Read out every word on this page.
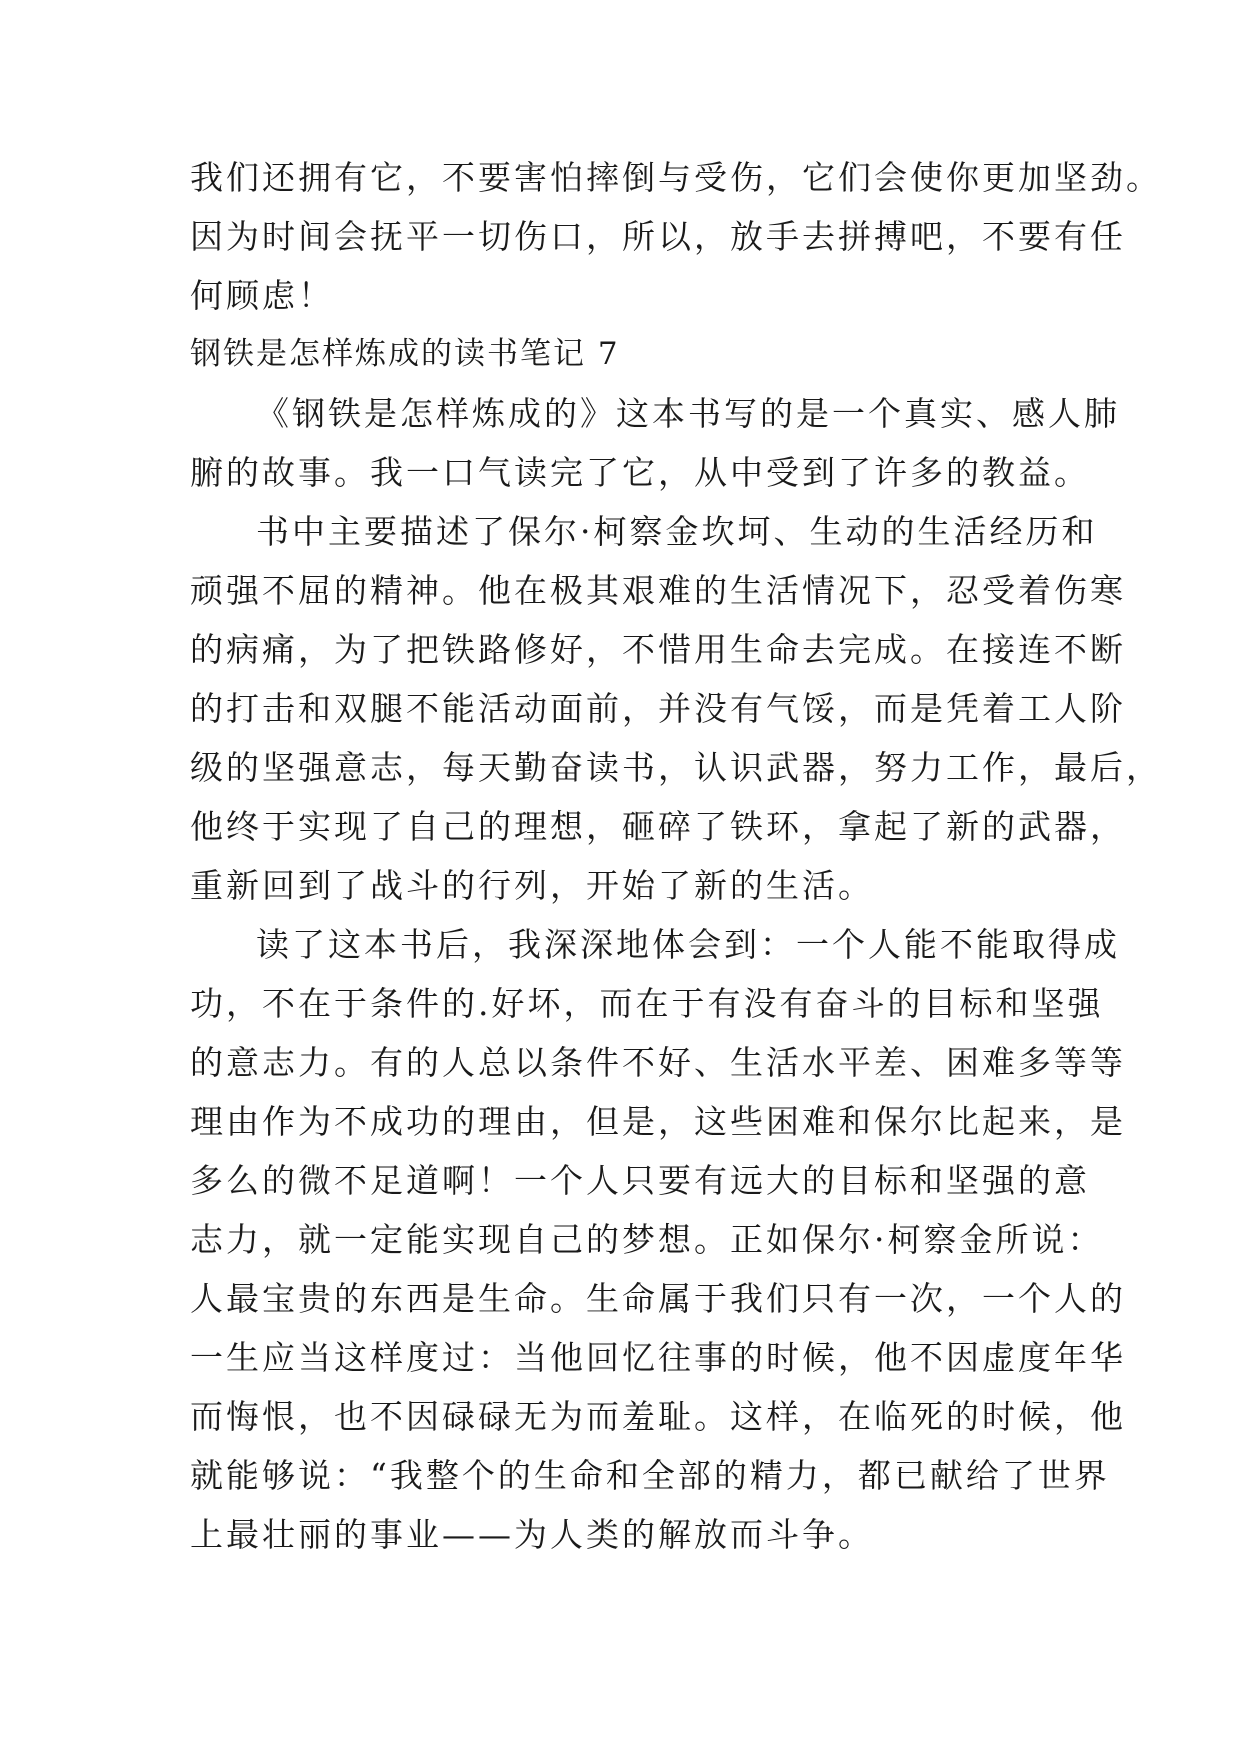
我们还拥有它，不要害怕摔倒与受伤，它们会使你更加坚劲。
因为时间会抚平一切伤口，所以，放手去拼搏吧，不要有任
何顾虑！
钢铁是怎样炼成的读书笔记 7
《钢铁是怎样炼成的》这本书写的是一个真实、感人肺
腑的故事。我一口气读完了它，从中受到了许多的教益。
书中主要描述了保尔·柯察金坎坷、生动的生活经历和
顽强不屈的精神。他在极其艰难的生活情况下，忍受着伤寒
的病痛，为了把铁路修好，不惜用生命去完成。在接连不断
的打击和双腿不能活动面前，并没有气馁，而是凭着工人阶
级的坚强意志，每天勤奋读书，认识武器，努力工作，最后，
他终于实现了自己的理想，砸碎了铁环，拿起了新的武器，
重新回到了战斗的行列，开始了新的生活。
读了这本书后，我深深地体会到：一个人能不能取得成
功，不在于条件的.好坏，而在于有没有奋斗的目标和坚强
的意志力。有的人总以条件不好、生活水平差、困难多等等
理由作为不成功的理由，但是，这些困难和保尔比起来，是
多么的微不足道啊！一个人只要有远大的目标和坚强的意
志力，就一定能实现自己的梦想。正如保尔·柯察金所说：
人最宝贵的东西是生命。生命属于我们只有一次，一个人的
一生应当这样度过：当他回忆往事的时候，他不因虚度年华
而悔恨，也不因碌碌无为而羞耻。这样，在临死的时候，他
就能够说：“我整个的生命和全部的精力，都已献给了世界
上最壮丽的事业——为人类的解放而斗争。
